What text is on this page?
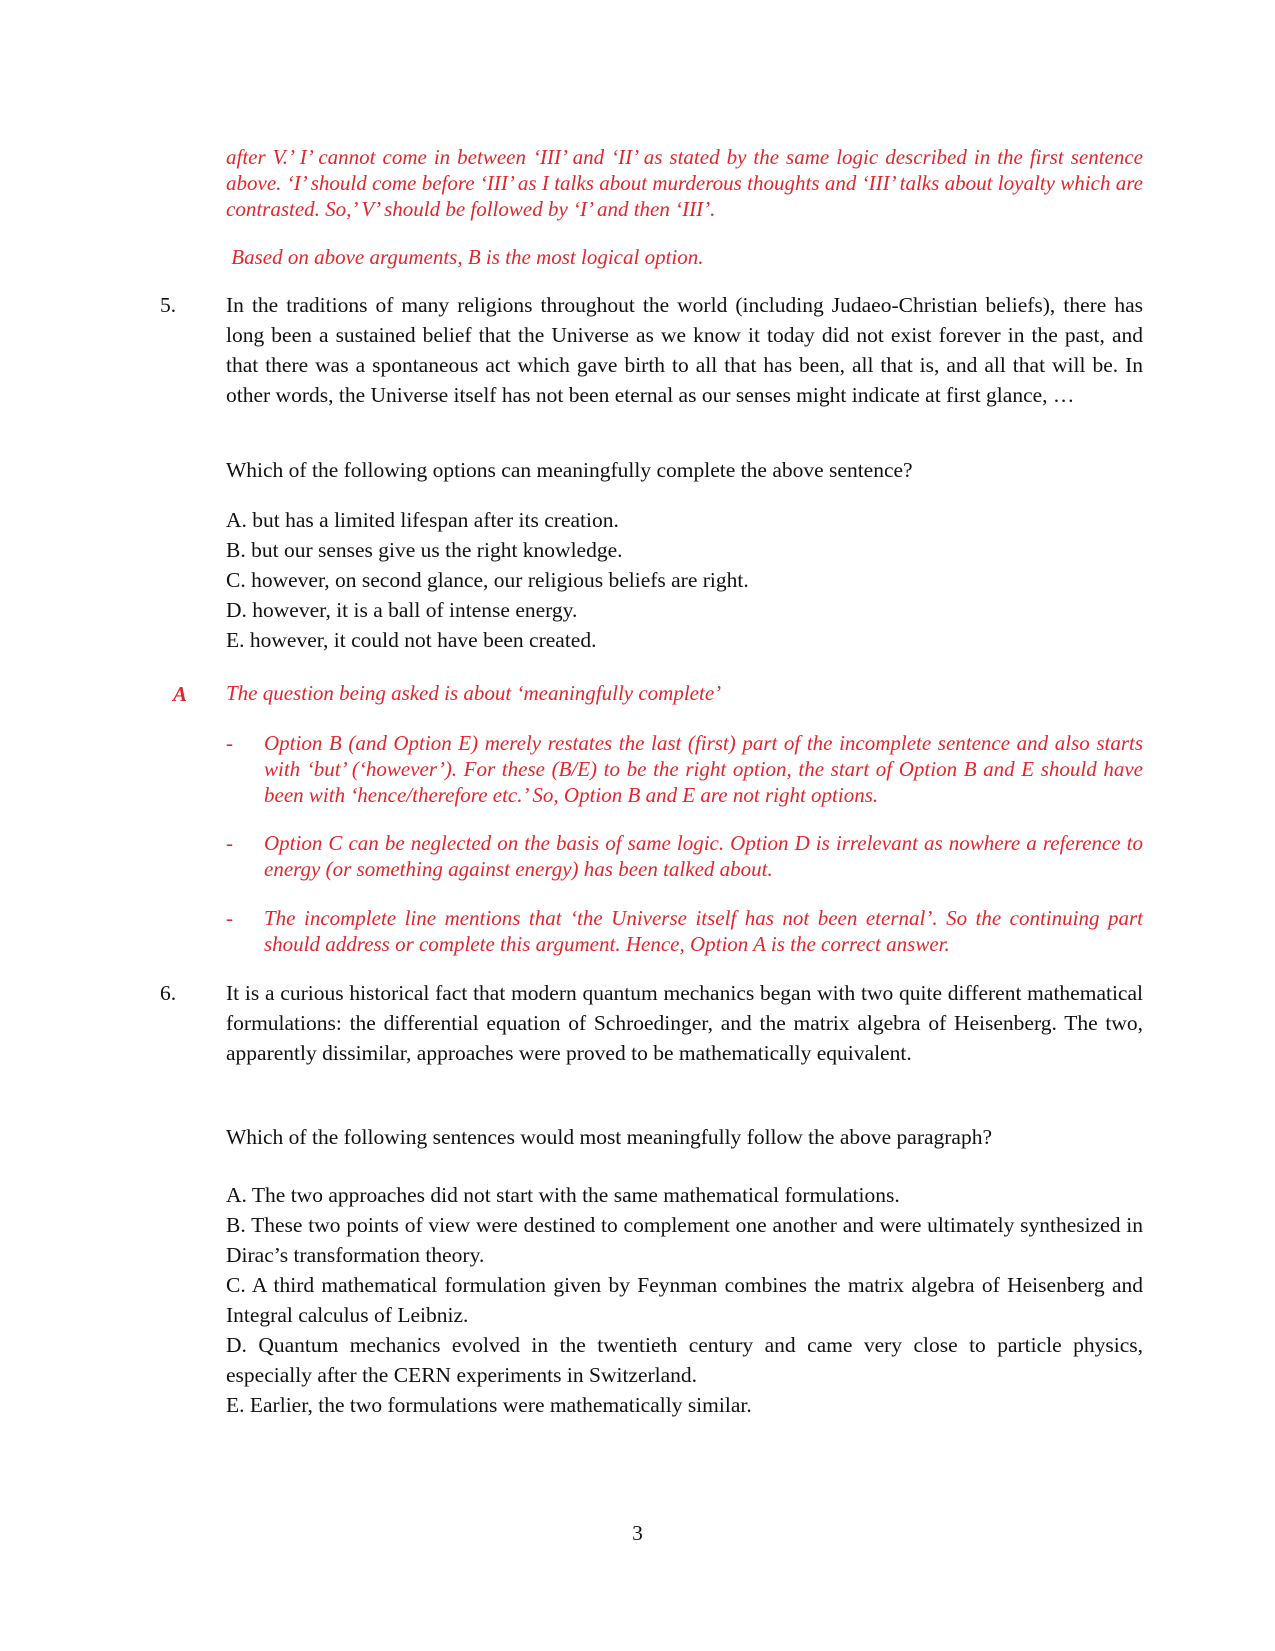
after V.’ I’ cannot come in between ‘III’ and ‘II’ as stated by the same logic described in the first sentence above. ‘I’ should come before ‘III’ as I talks about murderous thoughts and ‘III’ talks about loyalty which are contrasted. So,’ V’ should be followed by ‘I’ and then ‘III’.

Based on above arguments, B is the most logical option.

5. In the traditions of many religions throughout the world (including Judaeo-Christian beliefs), there has long been a sustained belief that the Universe as we know it today did not exist forever in the past, and that there was a spontaneous act which gave birth to all that has been, all that is, and all that will be. In other words, the Universe itself has not been eternal as our senses might indicate at first glance, …

Which of the following options can meaningfully complete the above sentence?

A. but has a limited lifespan after its creation.
B. but our senses give us the right knowledge.
C. however, on second glance, our religious beliefs are right.
D. however, it is a ball of intense energy.
E. however, it could not have been created.

A The question being asked is about ‘meaningfully complete’

- Option B (and Option E) merely restates the last (first) part of the incomplete sentence and also starts with ‘but’ (‘however’). For these (B/E) to be the right option, the start of Option B and E should have been with ‘hence/therefore etc.’ So, Option B and E are not right options.

- Option C can be neglected on the basis of same logic. Option D is irrelevant as nowhere a reference to energy (or something against energy) has been talked about.

- The incomplete line mentions that ‘the Universe itself has not been eternal’. So the continuing part should address or complete this argument. Hence, Option A is the correct answer.

6. It is a curious historical fact that modern quantum mechanics began with two quite different mathematical formulations: the differential equation of Schroedinger, and the matrix algebra of Heisenberg. The two, apparently dissimilar, approaches were proved to be mathematically equivalent.

Which of the following sentences would most meaningfully follow the above paragraph?

A. The two approaches did not start with the same mathematical formulations.
B. These two points of view were destined to complement one another and were ultimately synthesized in Dirac’s transformation theory.
C. A third mathematical formulation given by Feynman combines the matrix algebra of Heisenberg and Integral calculus of Leibniz.
D. Quantum mechanics evolved in the twentieth century and came very close to particle physics, especially after the CERN experiments in Switzerland.
E. Earlier, the two formulations were mathematically similar.

3
